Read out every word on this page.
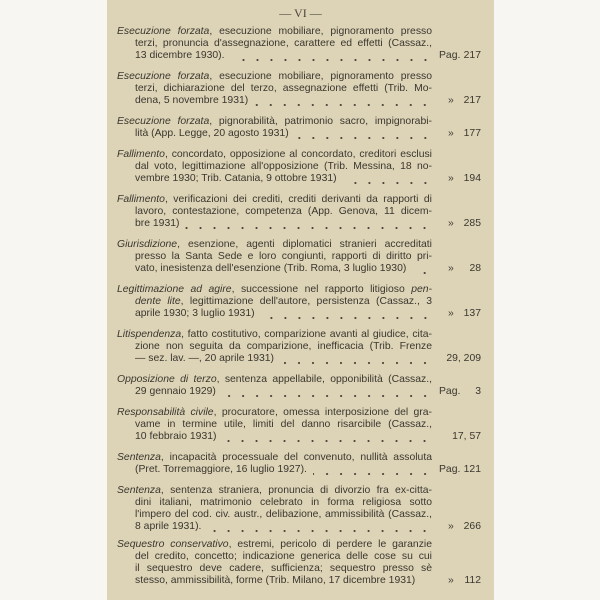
— VI —
Esecuzione forzata, esecuzione mobiliare, pignoramento presso
terzi, pronuncia d'assegnazione, carattere ed effetti (Cassaz.,
13 dicembre 1930).	Pag. 217
Esecuzione forzata, esecuzione mobiliare, pignoramento presso
terzi, dichiarazione del terzo, assegnazione effetti (Trib. Mo-
dena, 5 novembre 1931)	» 217
Esecuzione forzata, pignorabilità, patrimonio sacro, impignorabi-
lità (App. Legge, 20 agosto 1931)	» 177
Fallimento, concordato, opposizione al concordato, creditori esclusi
dal voto, legittimazione all'opposizione (Trib. Messina, 18 no-
vembre 1930; Trib. Catania, 9 ottobre 1931)	» 194
Fallimento, verificazioni dei crediti, crediti derivanti da rapporti di
lavoro, contestazione, competenza (App. Genova, 11 dicem-
bre 1931)	» 285
Giurisdizione, esenzione, agenti diplomatici stranieri accreditati
presso la Santa Sede e loro congiunti, rapporti di diritto pri-
vato, inesistenza dell'esenzione (Trib. Roma, 3 luglio 1930)	» 28
Legittimazione ad agire, successione nel rapporto litigioso pen-
dente lite, legittimazione dell'autore, persistenza (Cassaz., 3
aprile 1930; 3 luglio 1931)	» 137
Litispendenza, fatto costitutivo, comparizione avanti al giudice, cita-
zione non seguita da comparizione, inefficacia (Trib. Frenze
— sez. lav. —, 20 aprile 1931)	29, 209
Opposizione di terzo, sentenza appellabile, opponibilità (Cassaz.,
29 gennaio 1929)	Pag. 3
Responsabilità civile, procuratore, omessa interposizione del gra-
vame in termine utile, limiti del danno risarcibile (Cassaz.,
10 febbraio 1931)	17, 57
Sentenza, incapacità processuale del convenuto, nullità assoluta
(Pret. Torremaggiore, 16 luglio 1927).	Pag. 121
Sentenza, sentenza straniera, pronuncia di divorzio fra ex-citta-
dini italiani, matrimonio celebrato in forma religiosa sotto
l'impero del cod. civ. austr., delibazione, ammissibilità (Cassaz.,
8 aprile 1931).	» 266
Sequestro conservativo, estremi, pericolo di perdere le garanzie
del credito, concetto; indicazione generica delle cose su cui
il sequestro deve cadere, sufficienza; sequestro presso sè
stesso, ammissibilità, forme (Trib. Milano, 17 dicembre 1931)	» 112
